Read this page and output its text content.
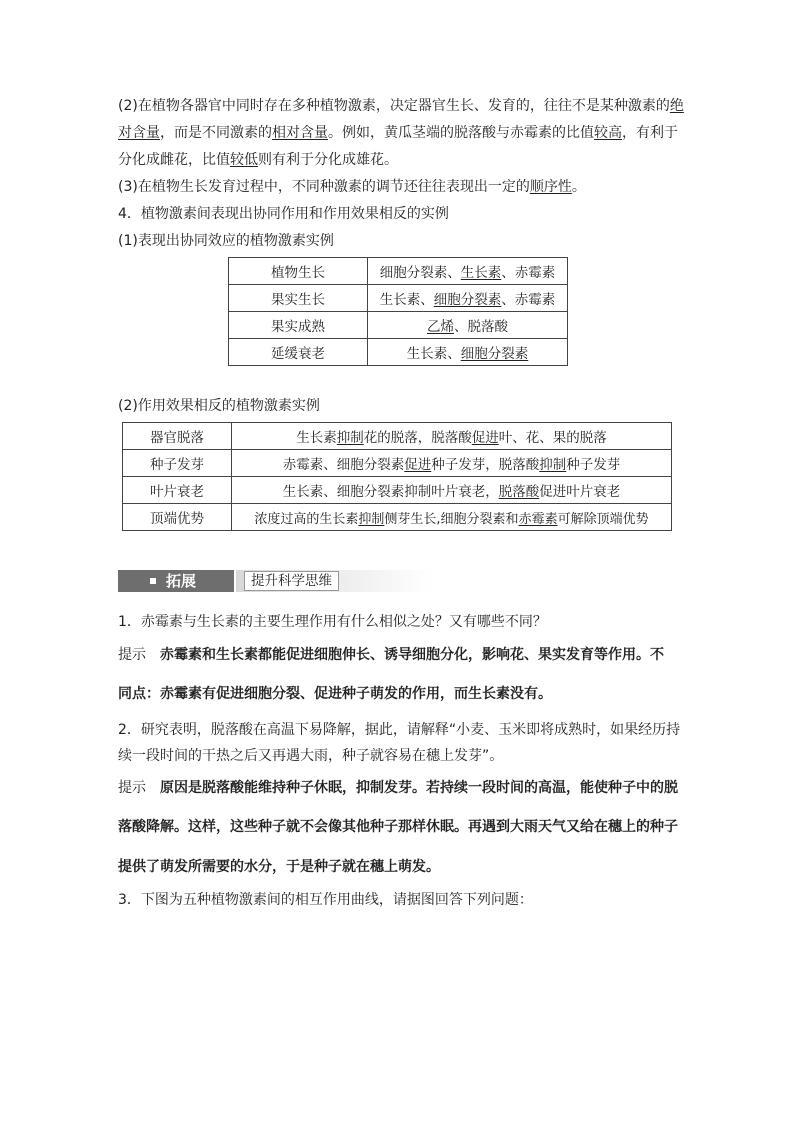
(2)在植物各器官中同时存在多种植物激素，决定器官生长、发育的，往往不是某种激素的绝
对含量，而是不同激素的相对含量。例如，黄瓜茎端的脱落酸与赤霉素的比值较高，有利于
分化成雌花，比值较低则有利于分化成雄花。
(3)在植物生长发育过程中，不同种激素的调节还往往表现出一定的顺序性。
4．植物激素间表现出协同作用和作用效果相反的实例
(1)表现出协同效应的植物激素实例
植物生长	细胞分裂素、生长素、赤霉素
果实生长	生长素、细胞分裂素、赤霉素
果实成熟	乙烯、脱落酸
延缓衰老	生长素、细胞分裂素
(2)作用效果相反的植物激素实例
器官脱落	生长素抑制花的脱落，脱落酸促进叶、花、果的脱落
种子发芽	赤霉素、细胞分裂素促进种子发芽，脱落酸抑制种子发芽
叶片衰老	生长素、细胞分裂素抑制叶片衰老，脱落酸促进叶片衰老
顶端优势	浓度过高的生长素抑制侧芽生长,细胞分裂素和赤霉素可解除顶端优势
拓展	提升科学思维
1．赤霉素与生长素的主要生理作用有什么相似之处？又有哪些不同？
提示 赤霉素和生长素都能促进细胞伸长、诱导细胞分化，影响花、果实发育等作用。不
同点：赤霉素有促进细胞分裂、促进种子萌发的作用，而生长素没有。
2．研究表明，脱落酸在高温下易降解，据此，请解释“小麦、玉米即将成熟时，如果经历持
续一段时间的干热之后又再遇大雨，种子就容易在穗上发芽”。
提示 原因是脱落酸能维持种子休眠，抑制发芽。若持续一段时间的高温，能使种子中的脱
落酸降解。这样，这些种子就不会像其他种子那样休眠。再遇到大雨天气又给在穗上的种子
提供了萌发所需要的水分，于是种子就在穗上萌发。
3．下图为五种植物激素间的相互作用曲线，请据图回答下列问题：
